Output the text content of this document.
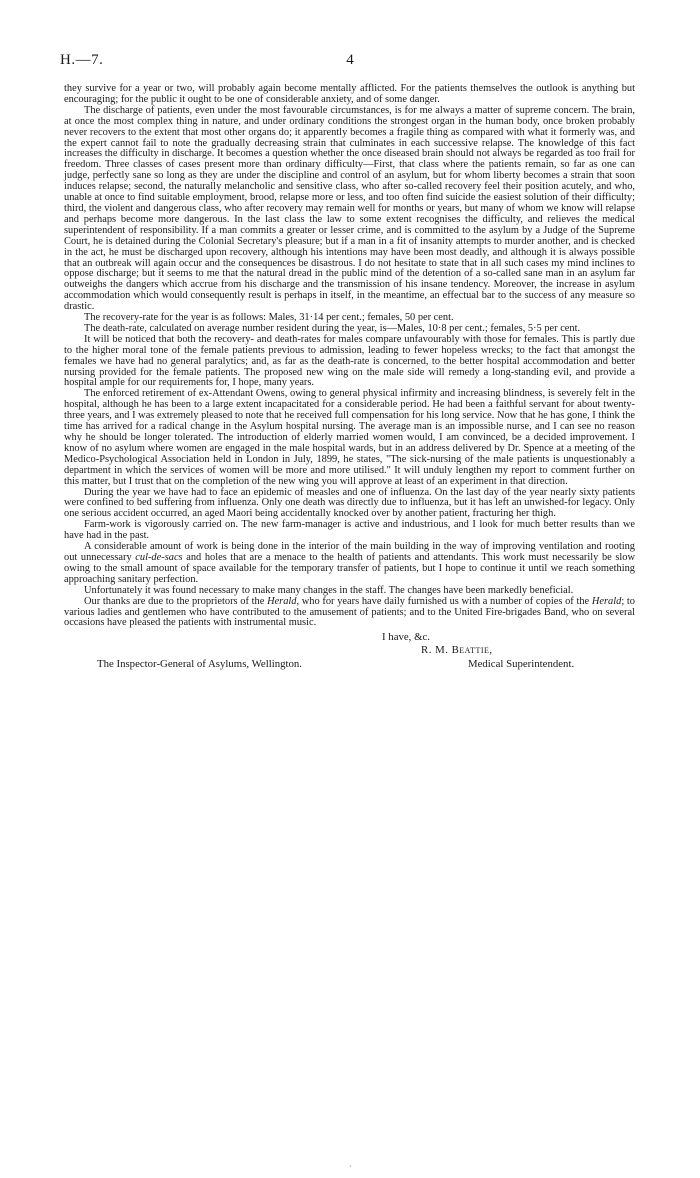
H.—7.	4

they survive for a year or two, will probably again become mentally afflicted. For the patients themselves the outlook is anything but encouraging; for the public it ought to be one of considerable anxiety, and of some danger.

The discharge of patients, even under the most favourable circumstances, is for me always a matter of supreme concern. The brain, at once the most complex thing in nature, and under ordinary conditions the strongest organ in the human body, once broken probably never recovers to the extent that most other organs do; it apparently becomes a fragile thing as compared with what it formerly was, and the expert cannot fail to note the gradually decreasing strain that culminates in each successive relapse. The knowledge of this fact increases the difficulty in discharge. It becomes a question whether the once diseased brain should not always be regarded as too frail for freedom. Three classes of cases present more than ordinary difficulty—First, that class where the patients remain, so far as one can judge, perfectly sane so long as they are under the discipline and control of an asylum, but for whom liberty becomes a strain that soon induces relapse; second, the naturally melancholic and sensitive class, who after so-called recovery feel their position acutely, and who, unable at once to find suitable employment, brood, relapse more or less, and too often find suicide the easiest solution of their difficulty; third, the violent and dangerous class, who after recovery may remain well for months or years, but many of whom we know will relapse and perhaps become more dangerous. In the last class the law to some extent recognises the difficulty, and relieves the medical superintendent of responsibility. If a man commits a greater or lesser crime, and is committed to the asylum by a Judge of the Supreme Court, he is detained during the Colonial Secretary's pleasure; but if a man in a fit of insanity attempts to murder another, and is checked in the act, he must be discharged upon recovery, although his intentions may have been most deadly, and although it is always possible that an outbreak will again occur and the consequences be disastrous. I do not hesitate to state that in all such cases my mind inclines to oppose discharge; but it seems to me that the natural dread in the public mind of the detention of a so-called sane man in an asylum far outweighs the dangers which accrue from his discharge and the transmission of his insane tendency. Moreover, the increase in asylum accommodation which would consequently result is perhaps in itself, in the meantime, an effectual bar to the success of any measure so drastic.

The recovery-rate for the year is as follows: Males, 31·14 per cent.; females, 50 per cent.

The death-rate, calculated on average number resident during the year, is—Males, 10·8 per cent.; females, 5·5 per cent.

It will be noticed that both the recovery- and death-rates for males compare unfavourably with those for females. This is partly due to the higher moral tone of the female patients previous to admission, leading to fewer hopeless wrecks; to the fact that amongst the females we have had no general paralytics; and, as far as the death-rate is concerned, to the better hospital accommodation and better nursing provided for the female patients. The proposed new wing on the male side will remedy a long-standing evil, and provide a hospital ample for our requirements for, I hope, many years.

The enforced retirement of ex-Attendant Owens, owing to general physical infirmity and increasing blindness, is severely felt in the hospital, although he has been to a large extent incapacitated for a considerable period. He had been a faithful servant for about twenty-three years, and I was extremely pleased to note that he received full compensation for his long service. Now that he has gone, I think the time has arrived for a radical change in the Asylum hospital nursing. The average man is an impossible nurse, and I can see no reason why he should be longer tolerated. The introduction of elderly married women would, I am convinced, be a decided improvement. I know of no asylum where women are engaged in the male hospital wards, but in an address delivered by Dr. Spence at a meeting of the Medico-Psychological Association held in London in July, 1899, he states, "The sick-nursing of the male patients is unquestionably a department in which the services of women will be more and more utilised." It will unduly lengthen my report to comment further on this matter, but I trust that on the completion of the new wing you will approve at least of an experiment in that direction.

During the year we have had to face an epidemic of measles and one of influenza. On the last day of the year nearly sixty patients were confined to bed suffering from influenza. Only one death was directly due to influenza, but it has left an unwished-for legacy. Only one serious accident occurred, an aged Maori being accidentally knocked over by another patient, fracturing her thigh.

Farm-work is vigorously carried on. The new farm-manager is active and industrious, and I look for much better results than we have had in the past.

A considerable amount of work is being done in the interior of the main building in the way of improving ventilation and rooting out unnecessary cul-de-sacs and holes that are a menace to the health of patients and attendants. This work must necessarily be slow owing to the small amount of space available for the temporary transfer of patients, but I hope to continue it until we reach something approaching sanitary perfection.

Unfortunately it was found necessary to make many changes in the staff. The changes have been markedly beneficial.

Our thanks are due to the proprietors of the Herald, who for years have daily furnished us with a number of copies of the Herald; to various ladies and gentlemen who have contributed to the amusement of patients; and to the United Fire-brigades Band, who on several occasions have pleased the patients with instrumental music.

I have, &c.
R. M. Beattie,
The Inspector-General of Asylums, Wellington.	Medical Superintendent.
·
